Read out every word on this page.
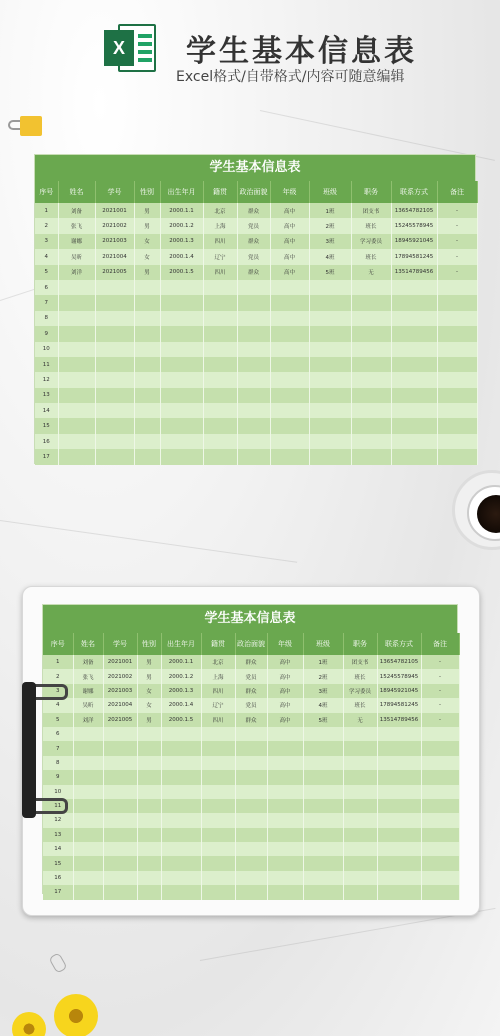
X	学生基本信息表
Excel格式/自带格式/内容可随意编辑
学生基本信息表
序号	姓名	学号	性别	出生年月	籍贯	政治面貌	年级	班级	职务	联系方式	备注
1	刘备	2021001	男	2000.1.1	北京	群众	高中	1班	团支书	13654782105	-
2	张飞	2021002	男	2000.1.2	上海	党员	高中	2班	班长	15245578945	-
3	谢娜	2021003	女	2000.1.3	四川	群众	高中	3班	学习委员	18945921045	-
4	吴昕	2021004	女	2000.1.4	辽宁	党员	高中	4班	班长	17894581245	-
5	刘洋	2021005	男	2000.1.5	四川	群众	高中	5班	无	13514789456	-
6											
7											
8											
9											
10											
11											
12											
13											
14											
15											
16											
17											
学生基本信息表
序号	姓名	学号	性别	出生年月	籍贯	政治面貌	年级	班级	职务	联系方式	备注
1	刘备	2021001	男	2000.1.1	北京	群众	高中	1班	团支书	13654782105	-
2	张飞	2021002	男	2000.1.2	上海	党员	高中	2班	班长	15245578945	-
3	谢娜	2021003	女	2000.1.3	四川	群众	高中	3班	学习委员	18945921045	-
4	吴昕	2021004	女	2000.1.4	辽宁	党员	高中	4班	班长	17894581245	-
5	刘洋	2021005	男	2000.1.5	四川	群众	高中	5班	无	13514789456	-
6											
7											
8											
9											
10											
11											
12											
13											
14											
15											
16											
17											
